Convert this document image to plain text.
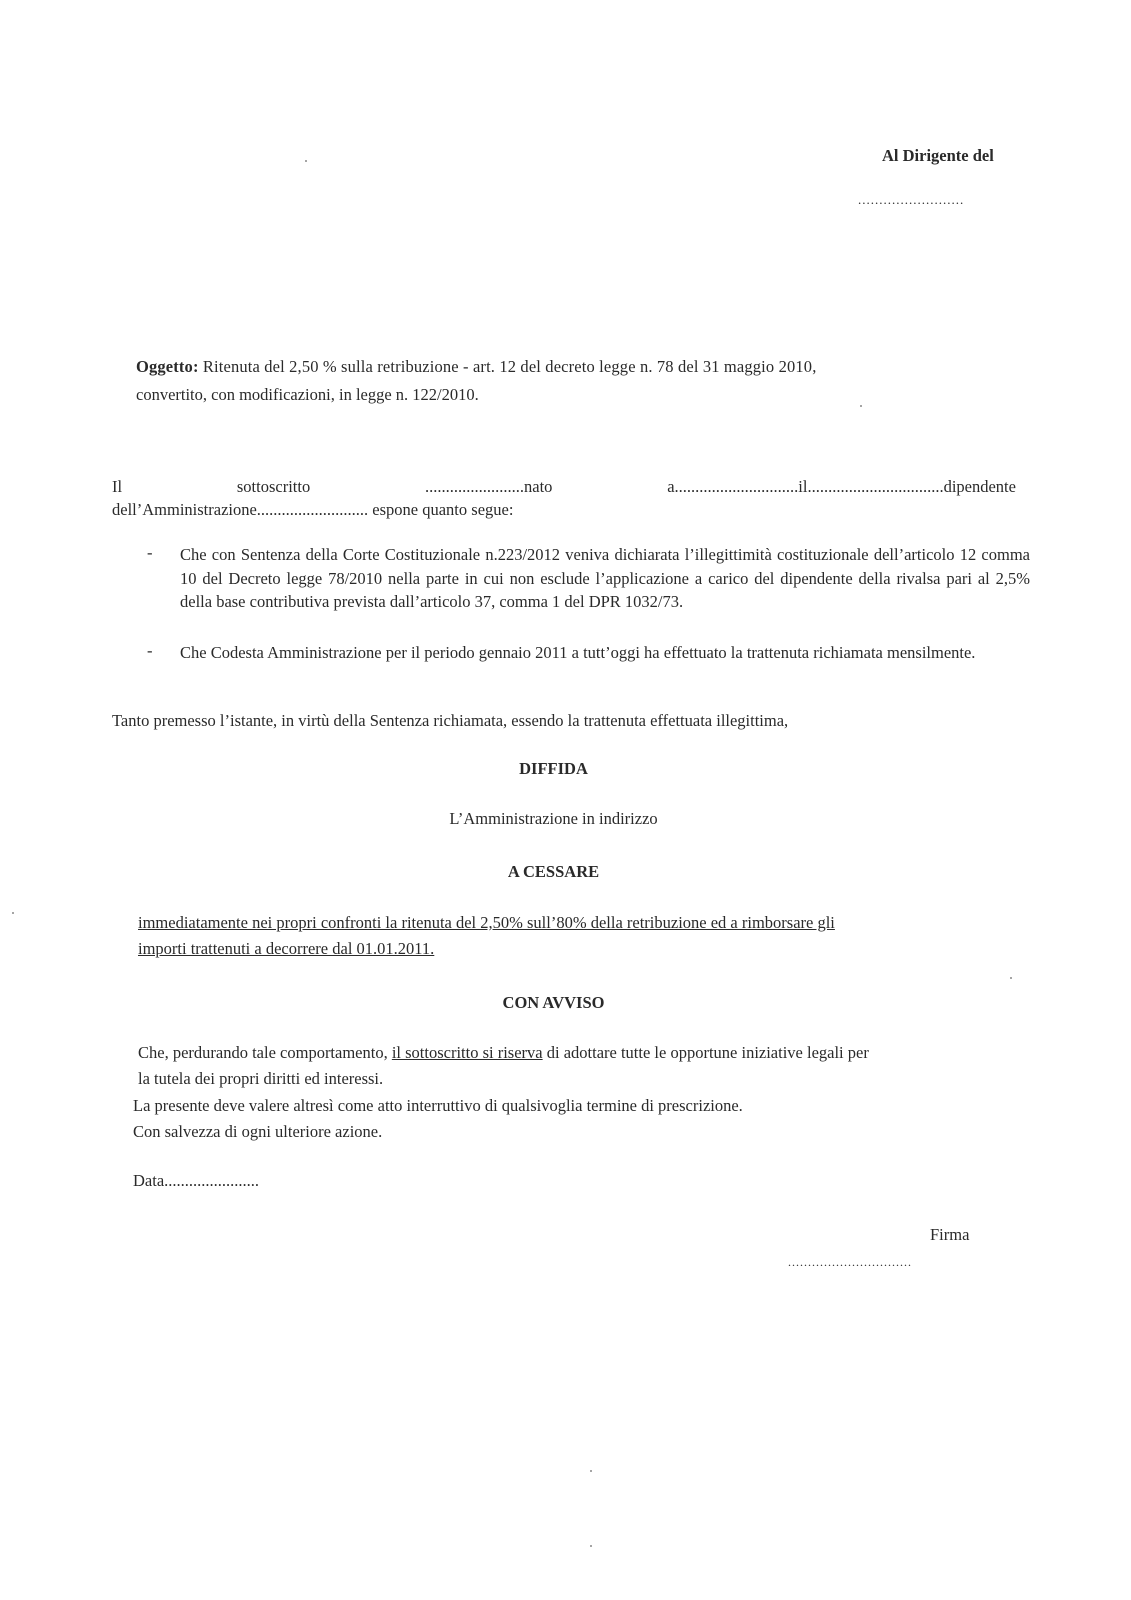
Al Dirigente del
.........................
Oggetto: Ritenuta del 2,50 % sulla retribuzione - art. 12 del decreto legge n. 78 del 31 maggio 2010,
convertito, con modificazioni, in legge n. 122/2010.
Il	sottoscritto	........................nato	a..............................il.................................dipendente
dell’Amministrazione........................... espone quanto segue:
- Che con Sentenza della Corte Costituzionale n.223/2012 veniva dichiarata l’illegittimità costituzionale dell’articolo 12 comma 10 del Decreto legge 78/2010 nella parte in cui non esclude l’applicazione a carico del dipendente della rivalsa pari al 2,5% della base contributiva prevista dall’articolo 37, comma 1 del DPR 1032/73.
- Che Codesta Amministrazione per il periodo gennaio 2011 a tutt’oggi ha effettuato la trattenuta richiamata mensilmente.
Tanto premesso l’istante, in virtù della Sentenza richiamata, essendo la trattenuta effettuata illegittima,
DIFFIDA
L’Amministrazione in indirizzo
A CESSARE
immediatamente nei propri confronti la ritenuta del 2,50% sull’80% della retribuzione ed a rimborsare gli
importi trattenuti a decorrere dal 01.01.2011.
CON AVVISO
Che, perdurando tale comportamento, il sottoscritto si riserva di adottare tutte le opportune iniziative legali per
la tutela dei propri diritti ed interessi.
La presente deve valere altresì come atto interruttivo di qualsivoglia termine di prescrizione.
Con salvezza di ogni ulteriore azione.
Data.......................
Firma
...............................
